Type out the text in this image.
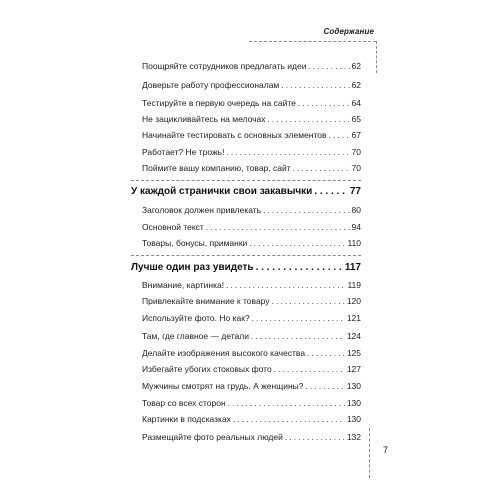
Содержание
Поощряйте сотрудников предлагать идеи . . .	62
Доверьте работу профессионалам . . .	62
Тестируйте в первую очередь на сайте . . .	64
Не зацикливайтесь на мелочах . . .	65
Начинайте тестировать с основных элементов . . .	67
Работает? Не трожь! . . .	70
Поймите вашу компанию, товар, сайт . . .	70
У каждой странички свои закавычки . . .	77
Заголовок должен привлекать . . .	80
Основной текст . . .	94
Товары, бонусы, приманки . . .	110
Лучше один раз увидеть . . .	117
Внимание, картинка! . . .	119
Привлекайте внимание к товару . . .	120
Используйте фото. Но как? . . .	121
Там, где главное — детали . . .	124
Делайте изображения высокого качества . . .	125
Избегайте убогих стоковых фото . . .	127
Мужчины смотрят на грудь. А женщины? . . .	130
Товар со всех сторон . . .	130
Картинки в подсказках . . .	130
Размещайте фото реальных людей . . .	132
7
